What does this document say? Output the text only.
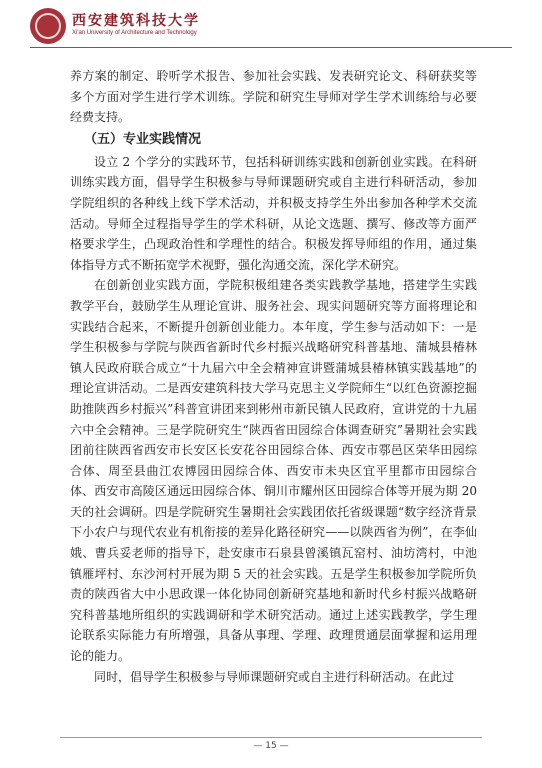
西安建筑科技大学
Xi'an University of Architecture and Technology

养方案的制定、聆听学术报告、参加社会实践、发表研究论文、科研获奖等多个方面对学生进行学术训练。学院和研究生导师对学生学术训练给与必要经费支持。

（五）专业实践情况

设立 2 个学分的实践环节，包括科研训练实践和创新创业实践。在科研训练实践方面，倡导学生积极参与导师课题研究或自主进行科研活动，参加学院组织的各种线上线下学术活动，并积极支持学生外出参加各种学术交流活动。导师全过程指导学生的学术科研，从论文选题、撰写、修改等方面严格要求学生，凸现政治性和学理性的结合。积极发挥导师组的作用，通过集体指导方式不断拓宽学术视野，强化沟通交流，深化学术研究。

在创新创业实践方面，学院积极组建各类实践教学基地，搭建学生实践教学平台，鼓励学生从理论宣讲、服务社会、现实问题研究等方面将理论和实践结合起来，不断提升创新创业能力。本年度，学生参与活动如下：一是学生积极参与学院与陕西省新时代乡村振兴战略研究科普基地、蒲城县椿林镇人民政府联合成立“十九届六中全会精神宣讲暨蒲城县椿林镇实践基地”的理论宣讲活动。二是西安建筑科技大学马克思主义学院师生“以红色资源挖掘助推陕西乡村振兴”科普宣讲团来到彬州市新民镇人民政府，宣讲党的十九届六中全会精神。三是学院研究生“陕西省田园综合体调查研究”暑期社会实践团前往陕西省西安市长安区长安花谷田园综合体、西安市鄠邑区荣华田园综合体、周至县曲江农博园田园综合体、西安市未央区宜平里都市田园综合体、西安市高陵区通远田园综合体、铜川市耀州区田园综合体等开展为期 20 天的社会调研。四是学院研究生暑期社会实践团依托省级课题“数字经济背景下小农户与现代农业有机衔接的差异化路径研究——以陕西省为例”，在李仙娥、曹兵妥老师的指导下，赴安康市石泉县曾溪镇瓦窑村、油坊湾村，中池镇雁坪村、东沙河村开展为期 5 天的社会实践。五是学生积极参加学院所负责的陕西省大中小思政课一体化协同创新研究基地和新时代乡村振兴战略研究科普基地所组织的实践调研和学术研究活动。通过上述实践教学，学生理论联系实际能力有所增强，具备从事理、学理、政理贯通层面掌握和运用理论的能力。

同时，倡导学生积极参与导师课题研究或自主进行科研活动。在此过

— 15 —
